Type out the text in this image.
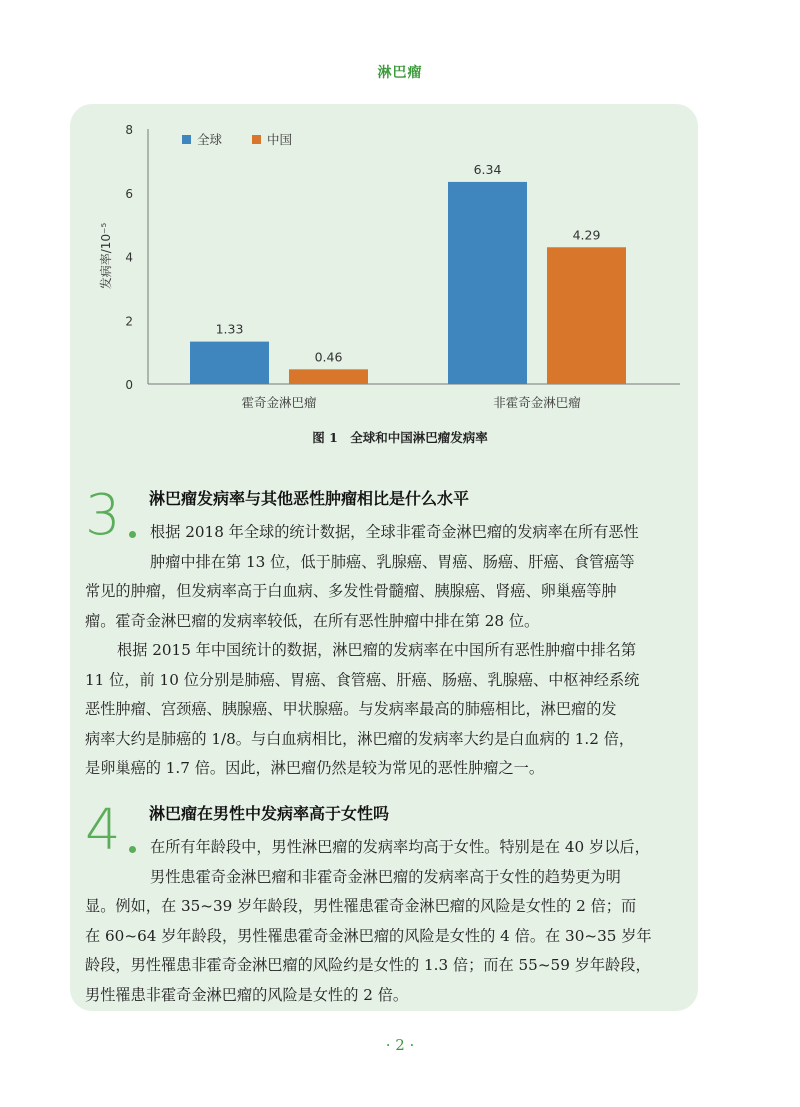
淋巴瘤
发病率/10⁻⁵
0
2
4
6
8
1.33
0.46
6.34
4.29
霍奇金淋巴瘤	非霍奇金淋巴瘤
全球	中国
图 1　全球和中国淋巴瘤发病率
3 淋巴瘤发病率与其他恶性肿瘤相比是什么水平
4 淋巴瘤在男性中发病率高于女性吗
根据 2018 年全球的统计数据，全球非霍奇金淋巴瘤的发病率在所有恶性
肿瘤中排在第 13 位，低于肺癌、乳腺癌、胃癌、肠癌、肝癌、食管癌等
常见的肿瘤，但发病率高于白血病、多发性骨髓瘤、胰腺癌、肾癌、卵巢癌等肿
瘤。霍奇金淋巴瘤的发病率较低，在所有恶性肿瘤中排在第 28 位。
根据 2015 年中国统计的数据，淋巴瘤的发病率在中国所有恶性肿瘤中排名第
11 位，前 10 位分别是肺癌、胃癌、食管癌、肝癌、肠癌、乳腺癌、中枢神经系统
恶性肿瘤、宫颈癌、胰腺癌、甲状腺癌。与发病率最高的肺癌相比，淋巴瘤的发
病率大约是肺癌的 1/8。与白血病相比，淋巴瘤的发病率大约是白血病的 1.2 倍，
是卵巢癌的 1.7 倍。因此，淋巴瘤仍然是较为常见的恶性肿瘤之一。
在所有年龄段中，男性淋巴瘤的发病率均高于女性。特别是在 40 岁以后，
男性患霍奇金淋巴瘤和非霍奇金淋巴瘤的发病率高于女性的趋势更为明
显。例如，在 35~39 岁年龄段，男性罹患霍奇金淋巴瘤的风险是女性的 2 倍；而
在 60~64 岁年龄段，男性罹患霍奇金淋巴瘤的风险是女性的 4 倍。在 30~35 岁年
龄段，男性罹患非霍奇金淋巴瘤的风险约是女性的 1.3 倍；而在 55~59 岁年龄段，
男性罹患非霍奇金淋巴瘤的风险是女性的 2 倍。
· 2 ·
